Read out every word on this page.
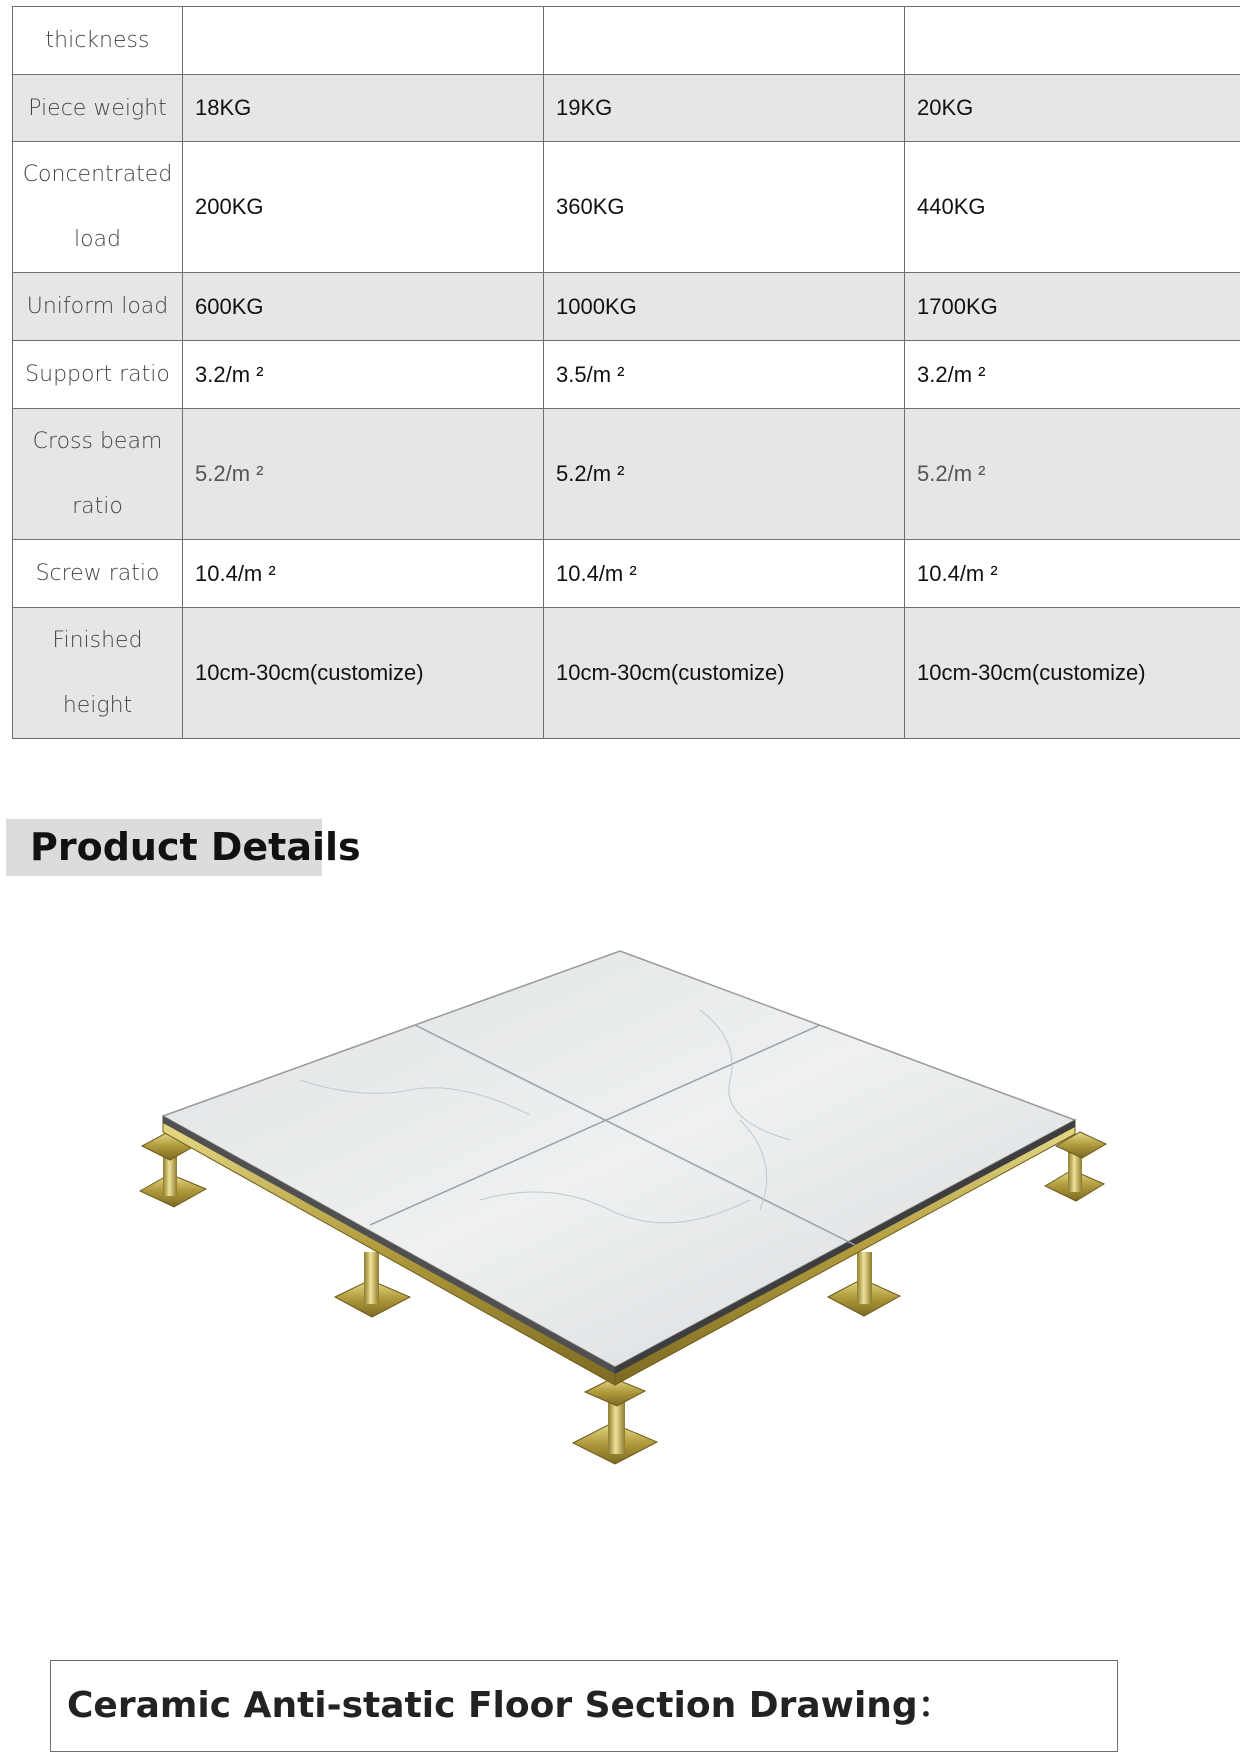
thickness			
Piece weight	18KG	19KG	20KG
Concentrated load	200KG	360KG	440KG
Uniform load	600KG	1000KG	1700KG
Support ratio	3.2/m ²	3.5/m ²	3.2/m ²
Cross beam ratio	5.2/m ²	5.2/m ²	5.2/m ²
Screw ratio	10.4/m ²	10.4/m ²	10.4/m ²
Finished height	10cm-30cm(customize)	10cm-30cm(customize)	10cm-30cm(customize)
Product Details
Ceramic Anti-static Floor Section Drawing：
